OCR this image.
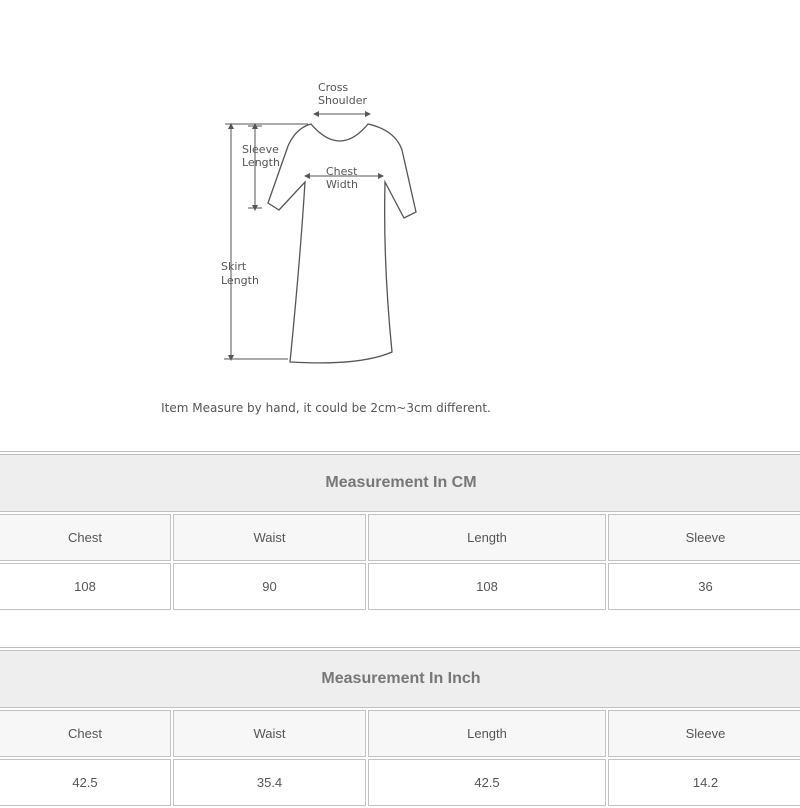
Cross
Shoulder
Sleeve
Length
Chest
Width
Skirt
Length
Item Measure by hand, it could be 2cm~3cm different.
Measurement In CM			
Chest	Waist	Length	Sleeve
108	90	108	36
Measurement In Inch			
Chest	Waist	Length	Sleeve
42.5	35.4	42.5	14.2
